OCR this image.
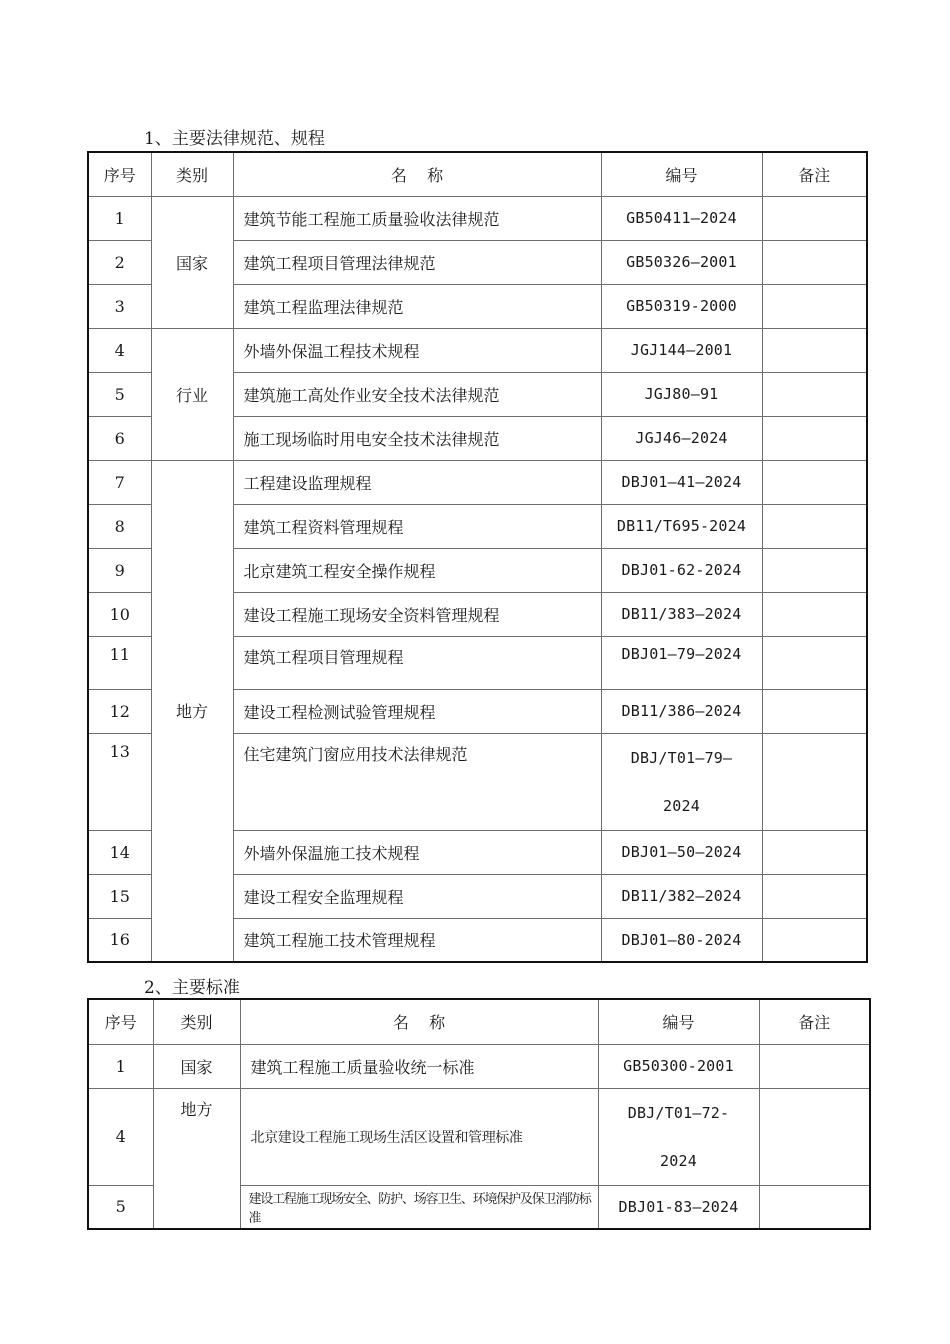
1、主要法律规范、规程
序号	类别	名    称	编号	备注
1	国家	建筑节能工程施工质量验收法律规范	GB50411—2024	
2		建筑工程项目管理法律规范	GB50326—2001	
3		建筑工程监理法律规范	GB50319-2000	
4	行业	外墙外保温工程技术规程	JGJ144—2001	
5		建筑施工高处作业安全技术法律规范	JGJ80—91	
6		施工现场临时用电安全技术法律规范	JGJ46—2024	
7	地方	工程建设监理规程	DBJ01—41—2024	
8		建筑工程资料管理规程	DB11/T695-2024	
9		北京建筑工程安全操作规程	DBJ01-62-2024	
10		建设工程施工现场安全资料管理规程	DB11/383—2024	
11		建筑工程项目管理规程	DBJ01—79—2024	
12		建设工程检测试验管理规程	DB11/386—2024	
13		住宅建筑门窗应用技术法律规范	DBJ/T01—79—
2024	

14		外墙外保温施工技术规程	DBJ01—50—2024	
15		建设工程安全监理规程	DB11/382—2024	
16		建筑工程施工技术管理规程	DBJ01—80-2024	
2、主要标准
序号	类别	名    称	编号	备注
1	国家	建筑工程施工质量验收统一标准	GB50300-2001	
4	地方	北京建设工程施工现场生活区设置和管理标准	DBJ/T01—72-
2024	

5		建设工程施工现场安全、防护、场容卫生、环境保护及保卫消防标准	DBJ01-83—2024	
